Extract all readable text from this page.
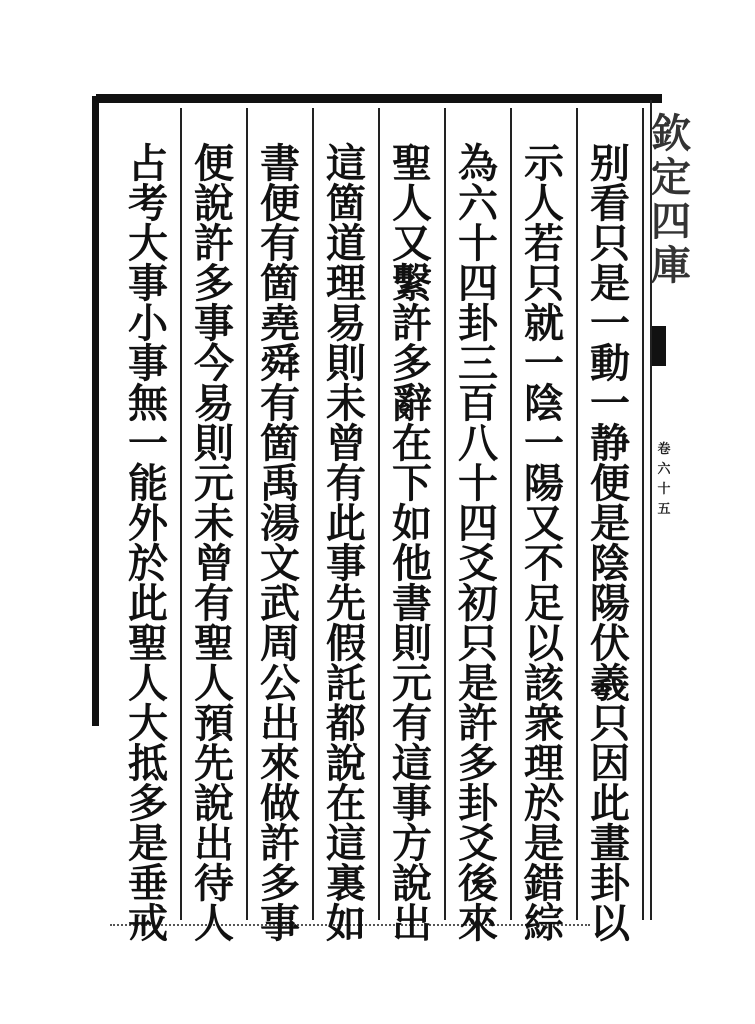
欽
定
四
庫
卷
六
十
五
别
看
只
是
一
動
一
静
便
是
陰
陽
伏
羲
只
因
此
畫
卦
以
示
人
若
只
就
一
陰
一
陽
又
不
足
以
該
衆
理
於
是
錯
綜
為
六
十
四
卦
三
百
八
十
四
爻
初
只
是
許
多
卦
爻
後
來
聖
人
又
繫
許
多
辭
在
下
如
他
書
則
元
有
這
事
方
說
出
這
箇
道
理
易
則
未
曾
有
此
事
先
假
託
都
說
在
這
裏
如
書
便
有
箇
堯
舜
有
箇
禹
湯
文
武
周
公
出
來
做
許
多
事
便
說
許
多
事
今
易
則
元
未
曾
有
聖
人
預
先
說
出
待
人
占
考
大
事
小
事
無
一
能
外
於
此
聖
人
大
抵
多
是
垂
戒
